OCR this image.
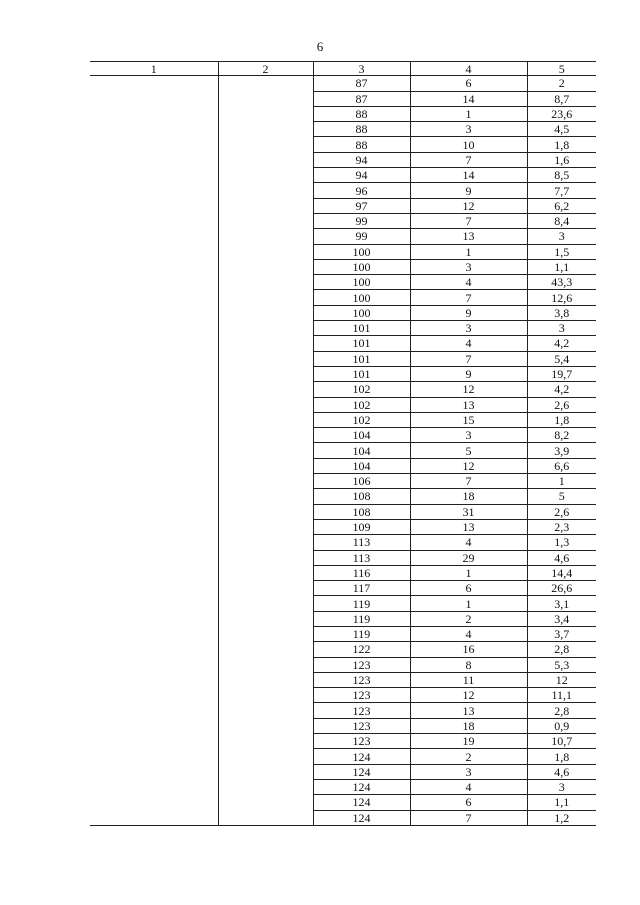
6
1	2	3	4	5
		87	6	2
		87	14	8,7
		88	1	23,6
		88	3	4,5
		88	10	1,8
		94	7	1,6
		94	14	8,5
		96	9	7,7
		97	12	6,2
		99	7	8,4
		99	13	3
		100	1	1,5
		100	3	1,1
		100	4	43,3
		100	7	12,6
		100	9	3,8
		101	3	3
		101	4	4,2
		101	7	5,4
		101	9	19,7
		102	12	4,2
		102	13	2,6
		102	15	1,8
		104	3	8,2
		104	5	3,9
		104	12	6,6
		106	7	1
		108	18	5
		108	31	2,6
		109	13	2,3
		113	4	1,3
		113	29	4,6
		116	1	14,4
		117	6	26,6
		119	1	3,1
		119	2	3,4
		119	4	3,7
		122	16	2,8
		123	8	5,3
		123	11	12
		123	12	11,1
		123	13	2,8
		123	18	0,9
		123	19	10,7
		124	2	1,8
		124	3	4,6
		124	4	3
		124	6	1,1
		124	7	1,2
